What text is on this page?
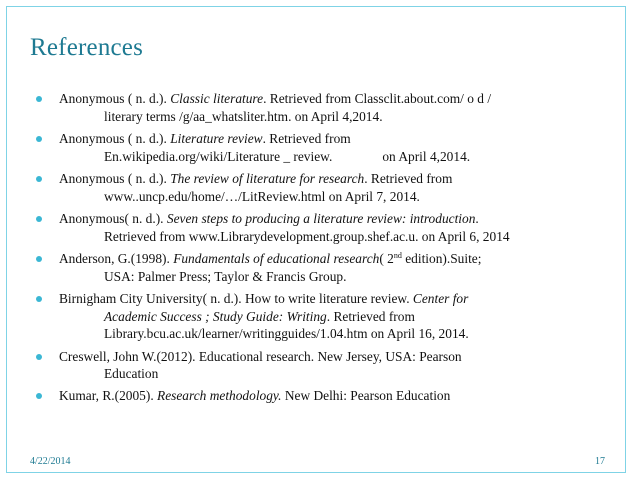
References
Anonymous ( n. d.). Classic literature. Retrieved from Classclit.about.com/ o d /
literary terms /g/aa_whatsliter.htm. on April 4,2014.
Anonymous ( n. d.). Literature review. Retrieved from
En.wikipedia.org/wiki/Literature _ review.	on April 4,2014.
Anonymous ( n. d.). The review of literature for research. Retrieved from
www..uncp.edu/home/…/LitReview.html on April 7, 2014.
Anonymous( n. d.). Seven steps to producing a literature review: introduction.
Retrieved from www.Librarydevelopment.group.shef.ac.u. on April 6, 2014
Anderson, G.(1998). Fundamentals of educational research( 2nd edition).Suite;
USA: Palmer Press; Taylor & Francis Group.
Birnigham City University( n. d.). How to write literature review. Center for
Academic Success ; Study Guide: Writing. Retrieved from
Library.bcu.ac.uk/learner/writingguides/1.04.htm on April 16, 2014.
Creswell, John W.(2012). Educational research. New Jersey, USA: Pearson
Education
Kumar, R.(2005). Research methodology. New Delhi: Pearson Education
4/22/2014	17
